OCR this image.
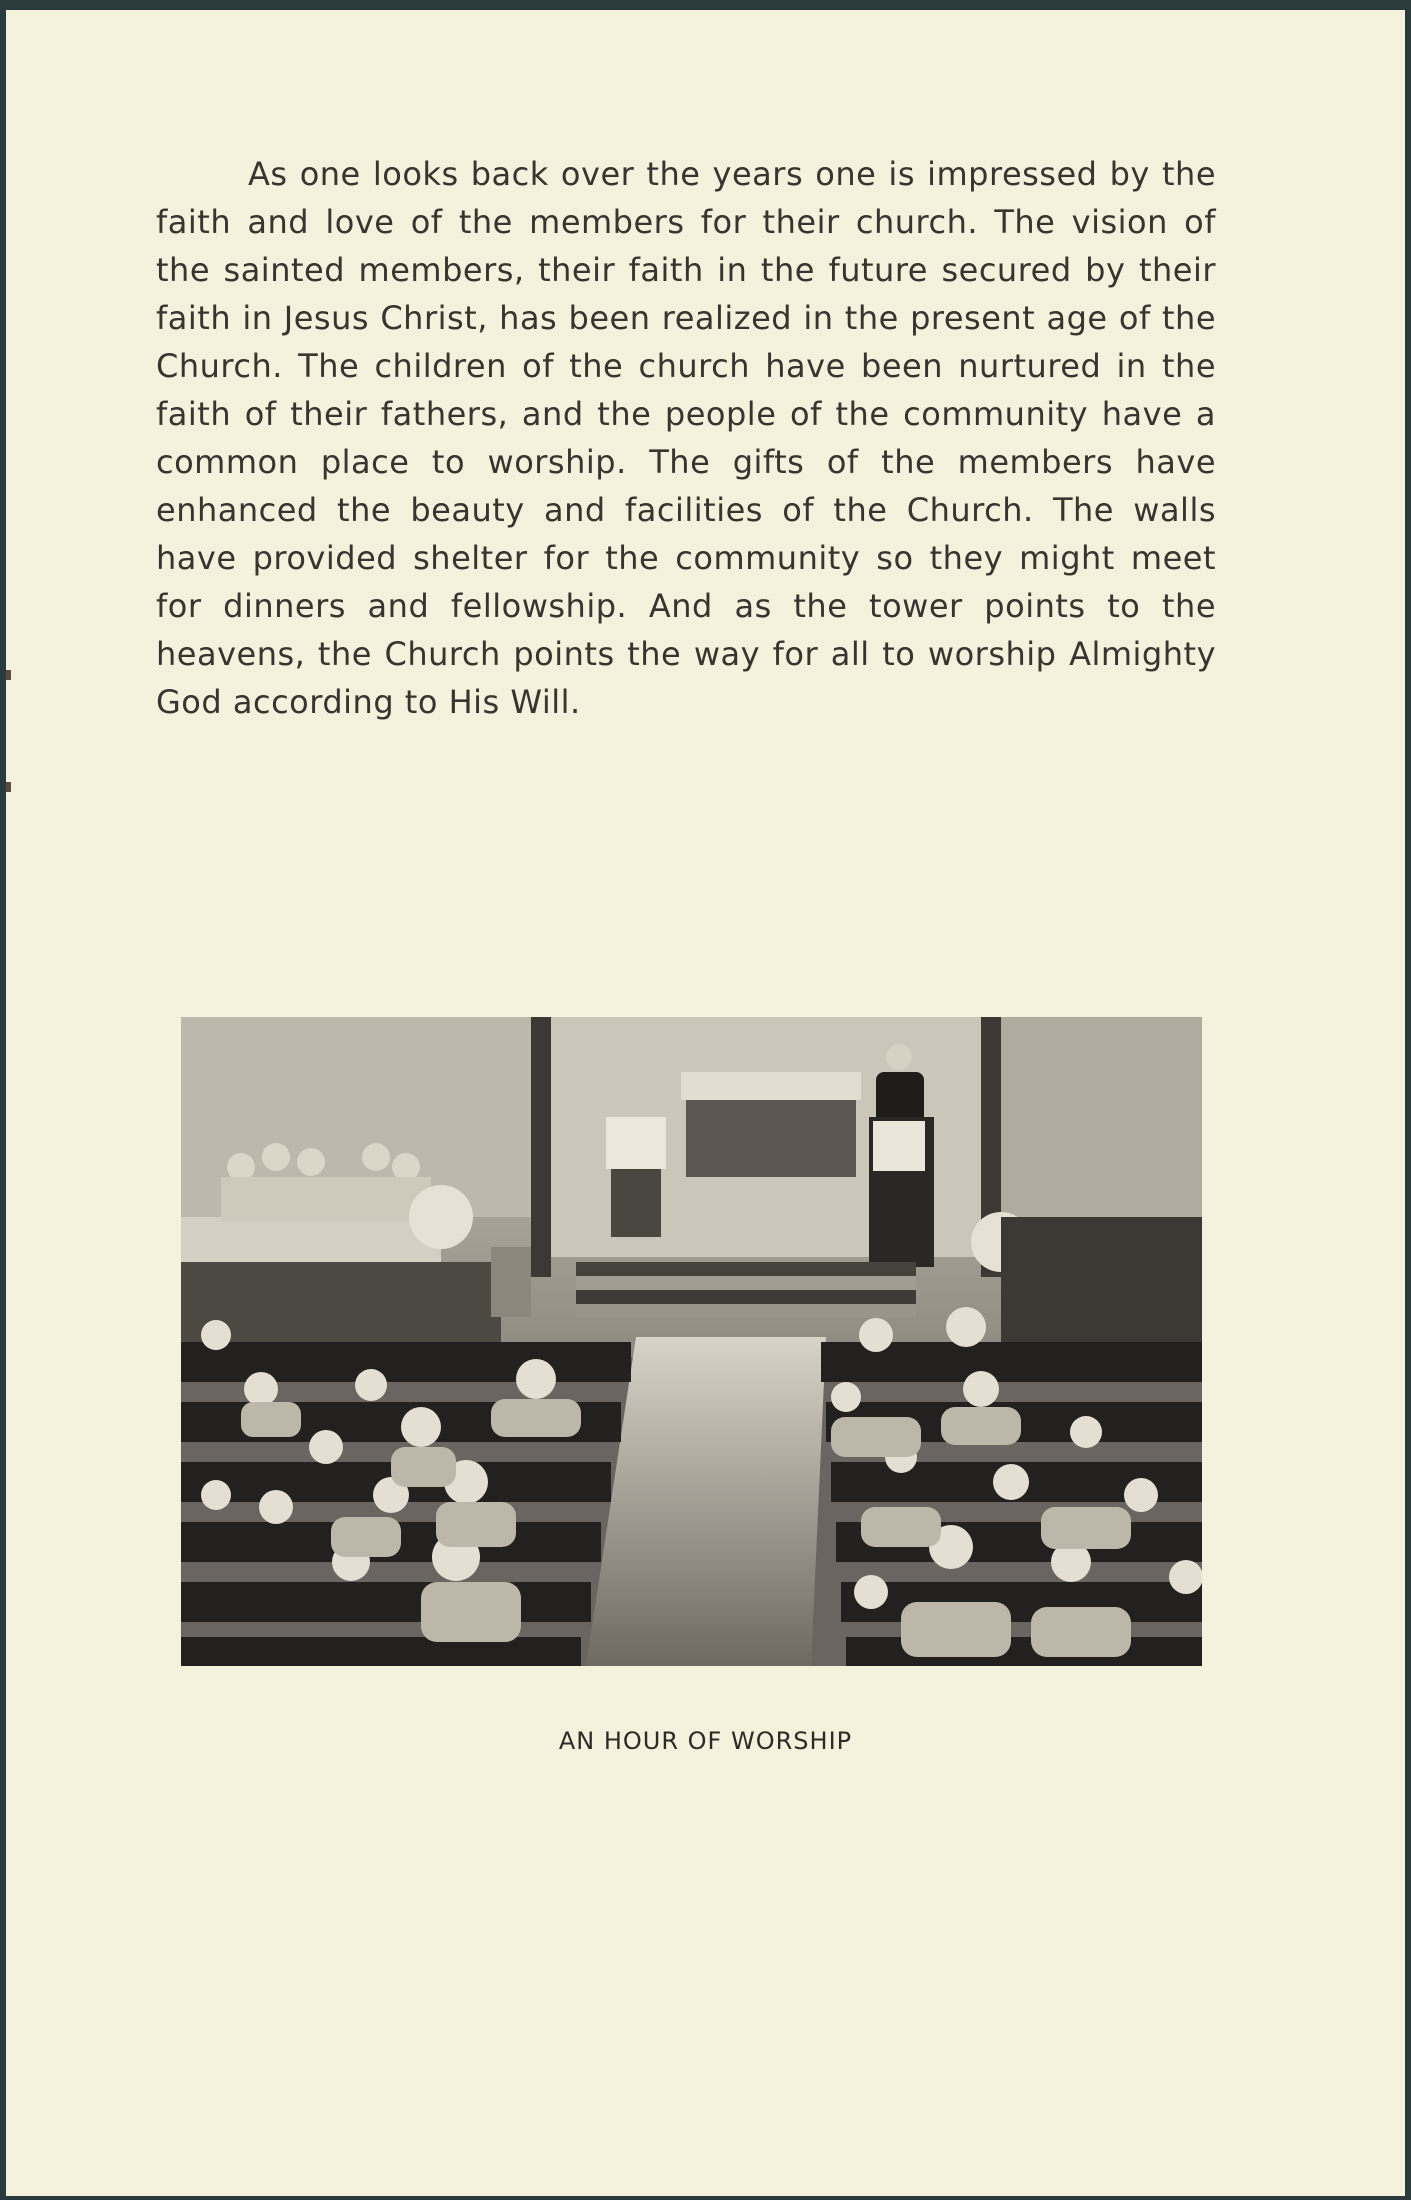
As one looks back over the years one is impressed by the faith and love of the members for their church. The vision of the sainted members, their faith in the future secured by their faith in Jesus Christ, has been realized in the present age of the Church. The children of the church have been nurtured in the faith of their fathers, and the people of the community have a common place to worship. The gifts of the members have enhanced the beauty and facilities of the Church. The walls have provided shelter for the community so they might meet for dinners and fellowship. And as the tower points to the heavens, the Church points the way for all to worship Almighty God according to His Will.

AN HOUR OF WORSHIP
